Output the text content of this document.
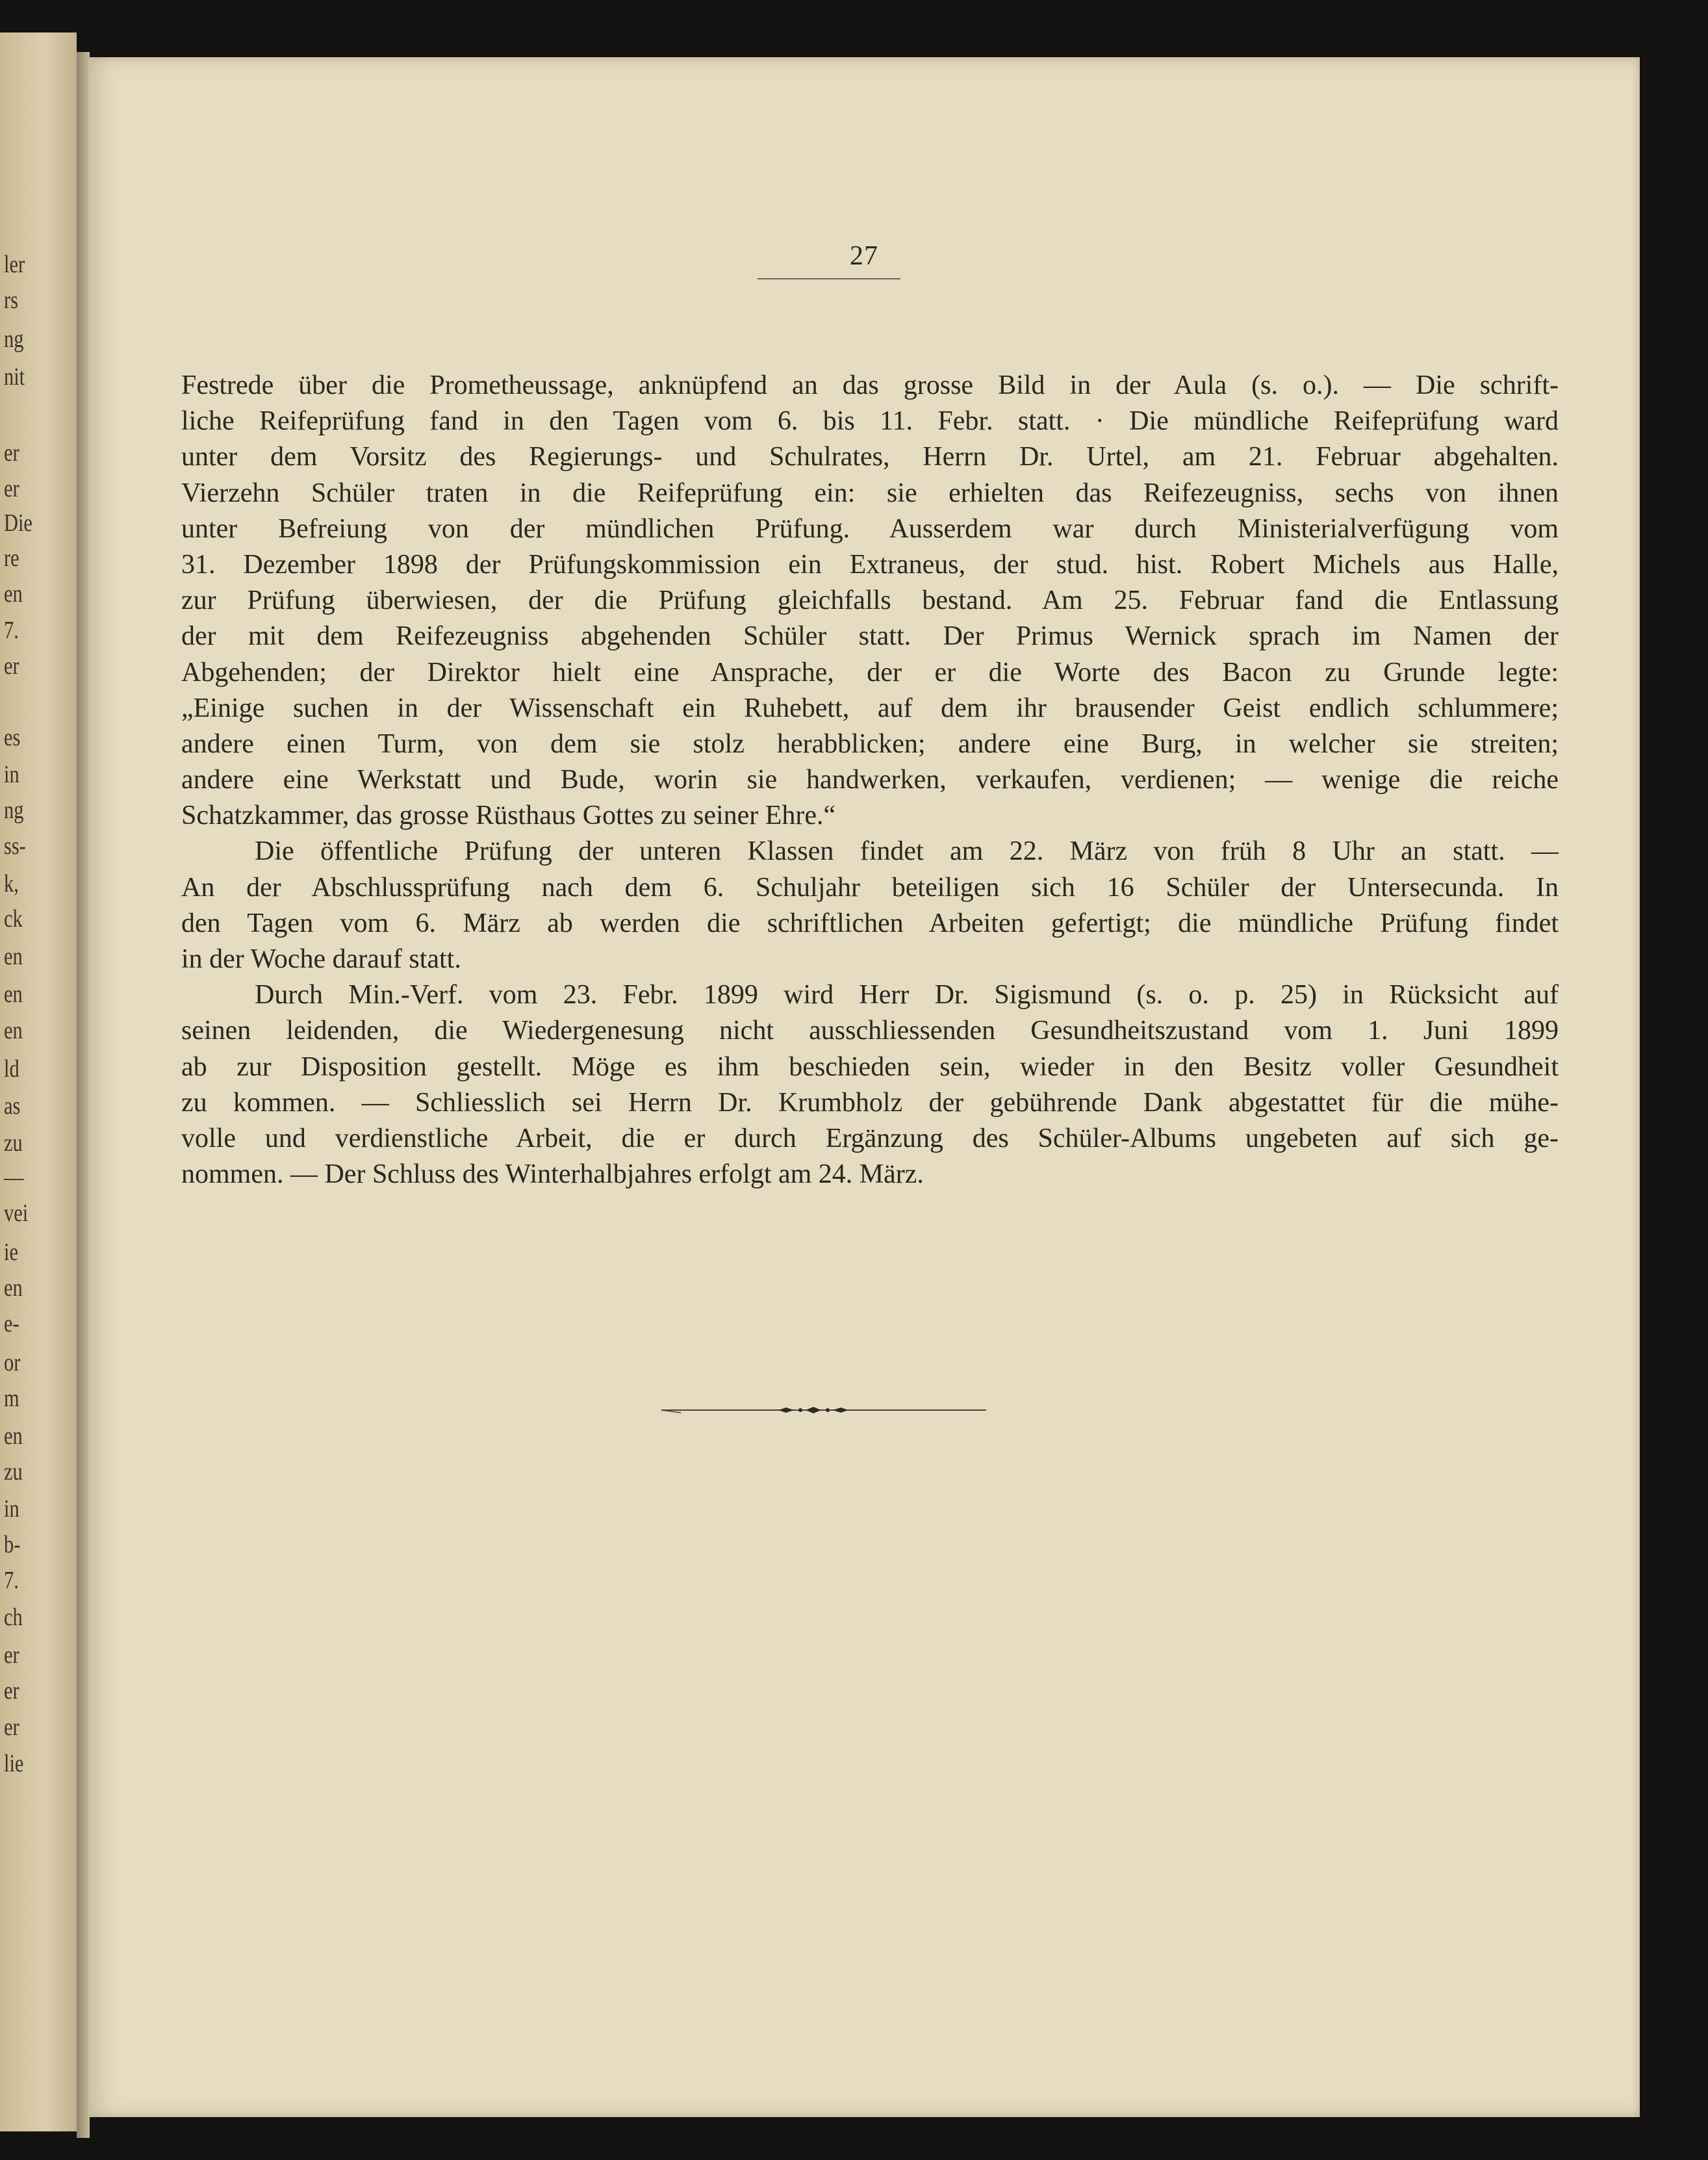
ler
rs
ng
nit
er
er
Die
re
en
7.
er
es
in
ng
ss-
k,
ck
en
en
en
ld
as
zu
—
vei
ie
en
e-
or
m
en
zu
in
b-
7.
ch
er
er
er
lie
27
Festrede über die Prometheussage, anknüpfend an das grosse Bild in der Aula (s. o.). — Die schrift-
liche Reifeprüfung fand in den Tagen vom 6. bis 11. Febr. statt. · Die mündliche Reifeprüfung ward
unter dem Vorsitz des Regierungs- und Schulrates, Herrn Dr. Urtel, am 21. Februar abgehalten.
Vierzehn Schüler traten in die Reifeprüfung ein: sie erhielten das Reifezeugniss, sechs von ihnen
unter Befreiung von der mündlichen Prüfung. Ausserdem war durch Ministerialverfügung vom
31. Dezember 1898 der Prüfungskommission ein Extraneus, der stud. hist. Robert Michels aus Halle,
zur Prüfung überwiesen, der die Prüfung gleichfalls bestand. Am 25. Februar fand die Entlassung
der mit dem Reifezeugniss abgehenden Schüler statt. Der Primus Wernick sprach im Namen der
Abgehenden; der Direktor hielt eine Ansprache, der er die Worte des Bacon zu Grunde legte:
„Einige suchen in der Wissenschaft ein Ruhebett, auf dem ihr brausender Geist endlich schlummere;
andere einen Turm, von dem sie stolz herabblicken; andere eine Burg, in welcher sie streiten;
andere eine Werkstatt und Bude, worin sie handwerken, verkaufen, verdienen; — wenige die reiche
Schatzkammer, das grosse Rüsthaus Gottes zu seiner Ehre.“
Die öffentliche Prüfung der unteren Klassen findet am 22. März von früh 8 Uhr an statt. —
An der Abschlussprüfung nach dem 6. Schuljahr beteiligen sich 16 Schüler der Untersecunda. In
den Tagen vom 6. März ab werden die schriftlichen Arbeiten gefertigt; die mündliche Prüfung findet
in der Woche darauf statt.
Durch Min.-Verf. vom 23. Febr. 1899 wird Herr Dr. Sigismund (s. o. p. 25) in Rücksicht auf
seinen leidenden, die Wiedergenesung nicht ausschliessenden Gesundheitszustand vom 1. Juni 1899
ab zur Disposition gestellt. Möge es ihm beschieden sein, wieder in den Besitz voller Gesundheit
zu kommen. — Schliesslich sei Herrn Dr. Krumbholz der gebührende Dank abgestattet für die mühe-
volle und verdienstliche Arbeit, die er durch Ergänzung des Schüler-Albums ungebeten auf sich ge-
nommen. — Der Schluss des Winterhalbjahres erfolgt am 24. März.
